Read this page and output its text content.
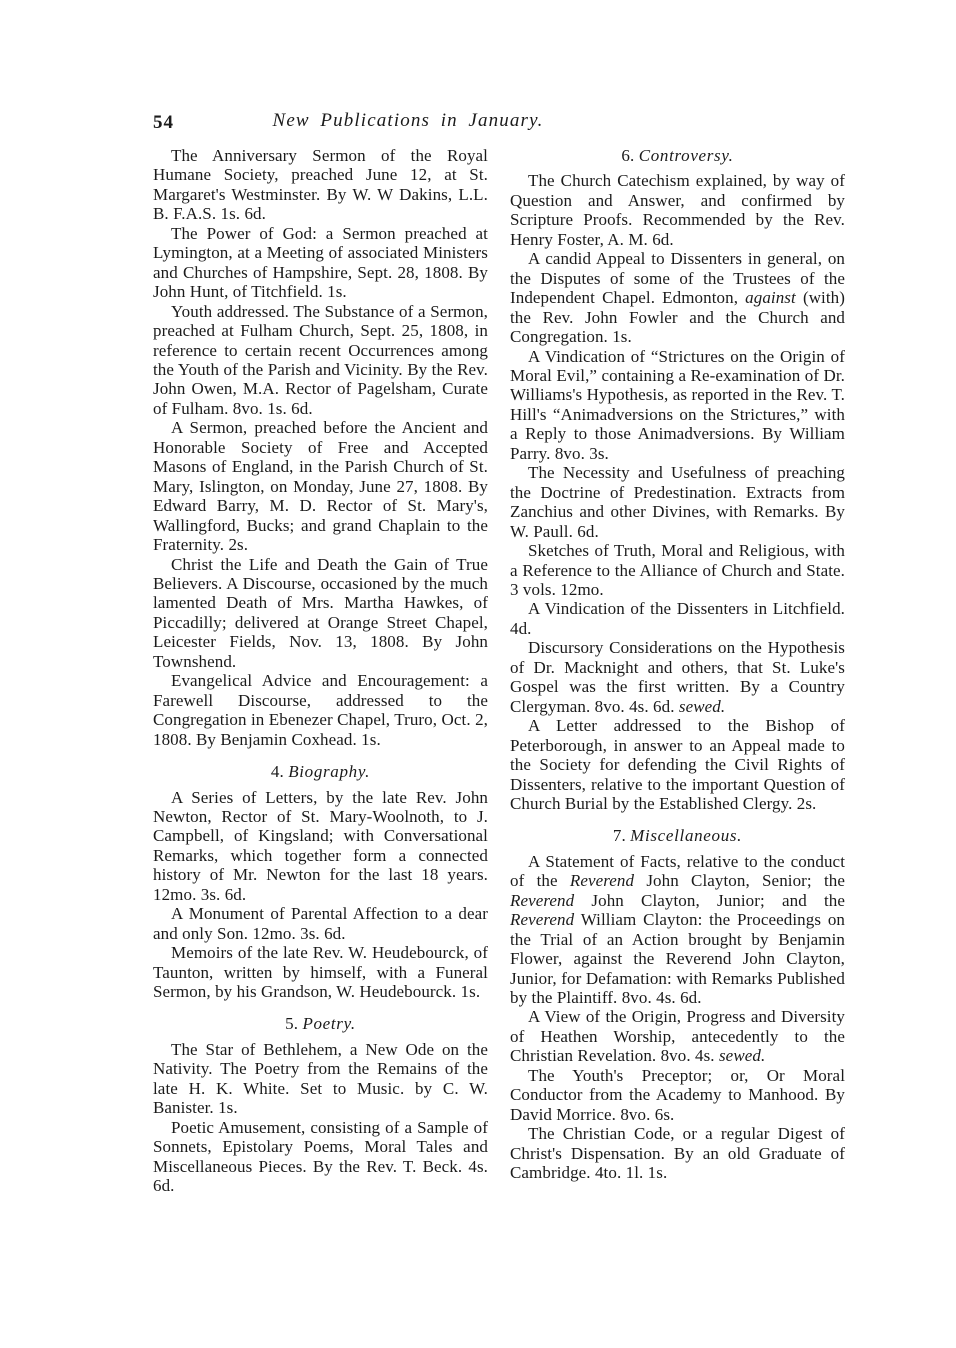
54	New Publications in January.

The Anniversary Sermon of the Royal Humane Society, preached June 12, at St. Margaret's Westminster. By W. W Dakins, L.L. B. F.A.S. 1s. 6d.

The Power of God: a Sermon preached at Lymington, at a Meeting of associated Ministers and Churches of Hampshire, Sept. 28, 1808. By John Hunt, of Titchfield. 1s.

Youth addressed. The Substance of a Sermon, preached at Fulham Church, Sept. 25, 1808, in reference to certain recent Occurrences among the Youth of the Parish and Vicinity. By the Rev. John Owen, M.A. Rector of Pagelsham, Curate of Fulham. 8vo. 1s. 6d.

A Sermon, preached before the Ancient and Honorable Society of Free and Accepted Masons of England, in the Parish Church of St. Mary, Islington, on Monday, June 27, 1808. By Edward Barry, M. D. Rector of St. Mary's, Wallingford, Bucks; and grand Chaplain to the Fraternity. 2s.

Christ the Life and Death the Gain of True Believers. A Discourse, occasioned by the much lamented Death of Mrs. Martha Hawkes, of Piccadilly; delivered at Orange Street Chapel, Leicester Fields, Nov. 13, 1808. By John Townshend.

Evangelical Advice and Encouragement: a Farewell Discourse, addressed to the Congregation in Ebenezer Chapel, Truro, Oct. 2, 1808. By Benjamin Coxhead. 1s.

4. Biography.

A Series of Letters, by the late Rev. John Newton, Rector of St. Mary-Woolnoth, to J. Campbell, of Kingsland; with Conversational Remarks, which together form a connected history of Mr. Newton for the last 18 years. 12mo. 3s. 6d.

A Monument of Parental Affection to a dear and only Son. 12mo. 3s. 6d.

Memoirs of the late Rev. W. Heudebourck, of Taunton, written by himself, with a Funeral Sermon, by his Grandson, W. Heudebourck. 1s.

5. Poetry.

The Star of Bethlehem, a New Ode on the Nativity. The Poetry from the Remains of the late H. K. White. Set to Music. by C. W. Banister. 1s.

Poetic Amusement, consisting of a Sample of Sonnets, Epistolary Poems, Moral Tales and Miscellaneous Pieces. By the Rev. T. Beck. 4s. 6d.

6. Controversy.

The Church Catechism explained, by way of Question and Answer, and confirmed by Scripture Proofs. Recommended by the Rev. Henry Foster, A. M. 6d.

A candid Appeal to Dissenters in general, on the Disputes of some of the Trustees of the Independent Chapel. Edmonton, against (with) the Rev. John Fowler and the Church and Congregation. 1s.

A Vindication of “Strictures on the Origin of Moral Evil,” containing a Re-examination of Dr. Williams's Hypothesis, as reported in the Rev. T. Hill's “Animadversions on the Strictures,” with a Reply to those Animadversions. By William Parry. 8vo. 3s.

The Necessity and Usefulness of preaching the Doctrine of Predestination. Extracts from Zanchius and other Divines, with Remarks. By W. Paull. 6d.

Sketches of Truth, Moral and Religious, with a Reference to the Alliance of Church and State. 3 vols. 12mo.

A Vindication of the Dissenters in Litchfield. 4d.

Discursory Considerations on the Hypothesis of Dr. Macknight and others, that St. Luke's Gospel was the first written. By a Country Clergyman. 8vo. 4s. 6d. sewed.

A Letter addressed to the Bishop of Peterborough, in answer to an Appeal made to the Society for defending the Civil Rights of Dissenters, relative to the important Question of Church Burial by the Established Clergy. 2s.

7. Miscellaneous.

A Statement of Facts, relative to the conduct of the Reverend John Clayton, Senior; the Reverend John Clayton, Junior; and the Reverend William Clayton: the Proceedings on the Trial of an Action brought by Benjamin Flower, against the Reverend John Clayton, Junior, for Defamation: with Remarks Published by the Plaintiff. 8vo. 4s. 6d.

A View of the Origin, Progress and Diversity of Heathen Worship, antecedently to the Christian Revelation. 8vo. 4s. sewed.

The Youth's Preceptor; or, Or Moral Conductor from the Academy to Manhood. By David Morrice. 8vo. 6s.

The Christian Code, or a regular Digest of Christ's Dispensation. By an old Graduate of Cambridge. 4to. 1l. 1s.
